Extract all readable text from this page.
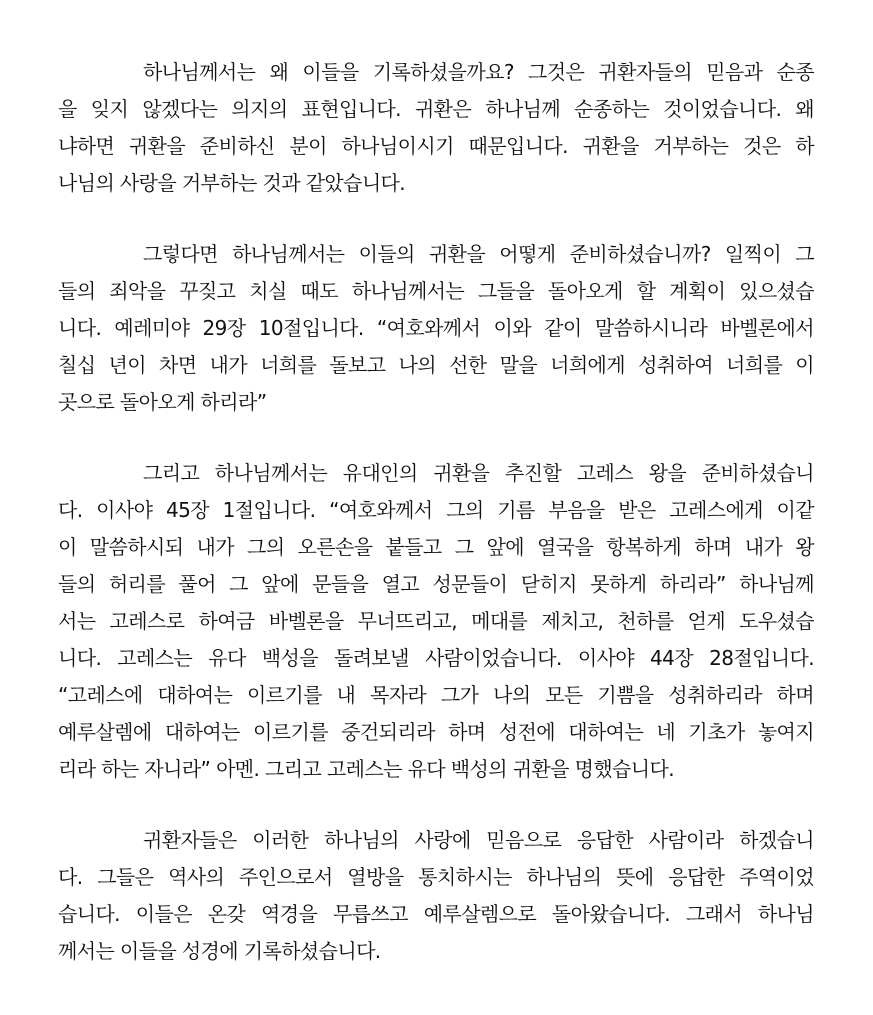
하나님께서는 왜 이들을 기록하셨을까요? 그것은 귀환자들의 믿음과 순종
을 잊지 않겠다는 의지의 표현입니다. 귀환은 하나님께 순종하는 것이었습니다. 왜
냐하면 귀환을 준비하신 분이 하나님이시기 때문입니다. 귀환을 거부하는 것은 하
나님의 사랑을 거부하는 것과 같았습니다.
그렇다면 하나님께서는 이들의 귀환을 어떻게 준비하셨습니까? 일찍이 그
들의 죄악을 꾸짖고 치실 때도 하나님께서는 그들을 돌아오게 할 계획이 있으셨습
니다. 예레미야 29장 10절입니다. “여호와께서 이와 같이 말씀하시니라 바벨론에서
칠십 년이 차면 내가 너희를 돌보고 나의 선한 말을 너희에게 성취하여 너희를 이
곳으로 돌아오게 하리라”
그리고 하나님께서는 유대인의 귀환을 추진할 고레스 왕을 준비하셨습니
다. 이사야 45장 1절입니다. “여호와께서 그의 기름 부음을 받은 고레스에게 이같
이 말씀하시되 내가 그의 오른손을 붙들고 그 앞에 열국을 항복하게 하며 내가 왕
들의 허리를 풀어 그 앞에 문들을 열고 성문들이 닫히지 못하게 하리라” 하나님께
서는 고레스로 하여금 바벨론을 무너뜨리고, 메대를 제치고, 천하를 얻게 도우셨습
니다. 고레스는 유다 백성을 돌려보낼 사람이었습니다. 이사야 44장 28절입니다.
“고레스에 대하여는 이르기를 내 목자라 그가 나의 모든 기쁨을 성취하리라 하며
예루살렘에 대하여는 이르기를 중건되리라 하며 성전에 대하여는 네 기초가 놓여지
리라 하는 자니라” 아멘. 그리고 고레스는 유다 백성의 귀환을 명했습니다.
귀환자들은 이러한 하나님의 사랑에 믿음으로 응답한 사람이라 하겠습니
다. 그들은 역사의 주인으로서 열방을 통치하시는 하나님의 뜻에 응답한 주역이었
습니다. 이들은 온갖 역경을 무릅쓰고 예루살렘으로 돌아왔습니다. 그래서 하나님
께서는 이들을 성경에 기록하셨습니다.
